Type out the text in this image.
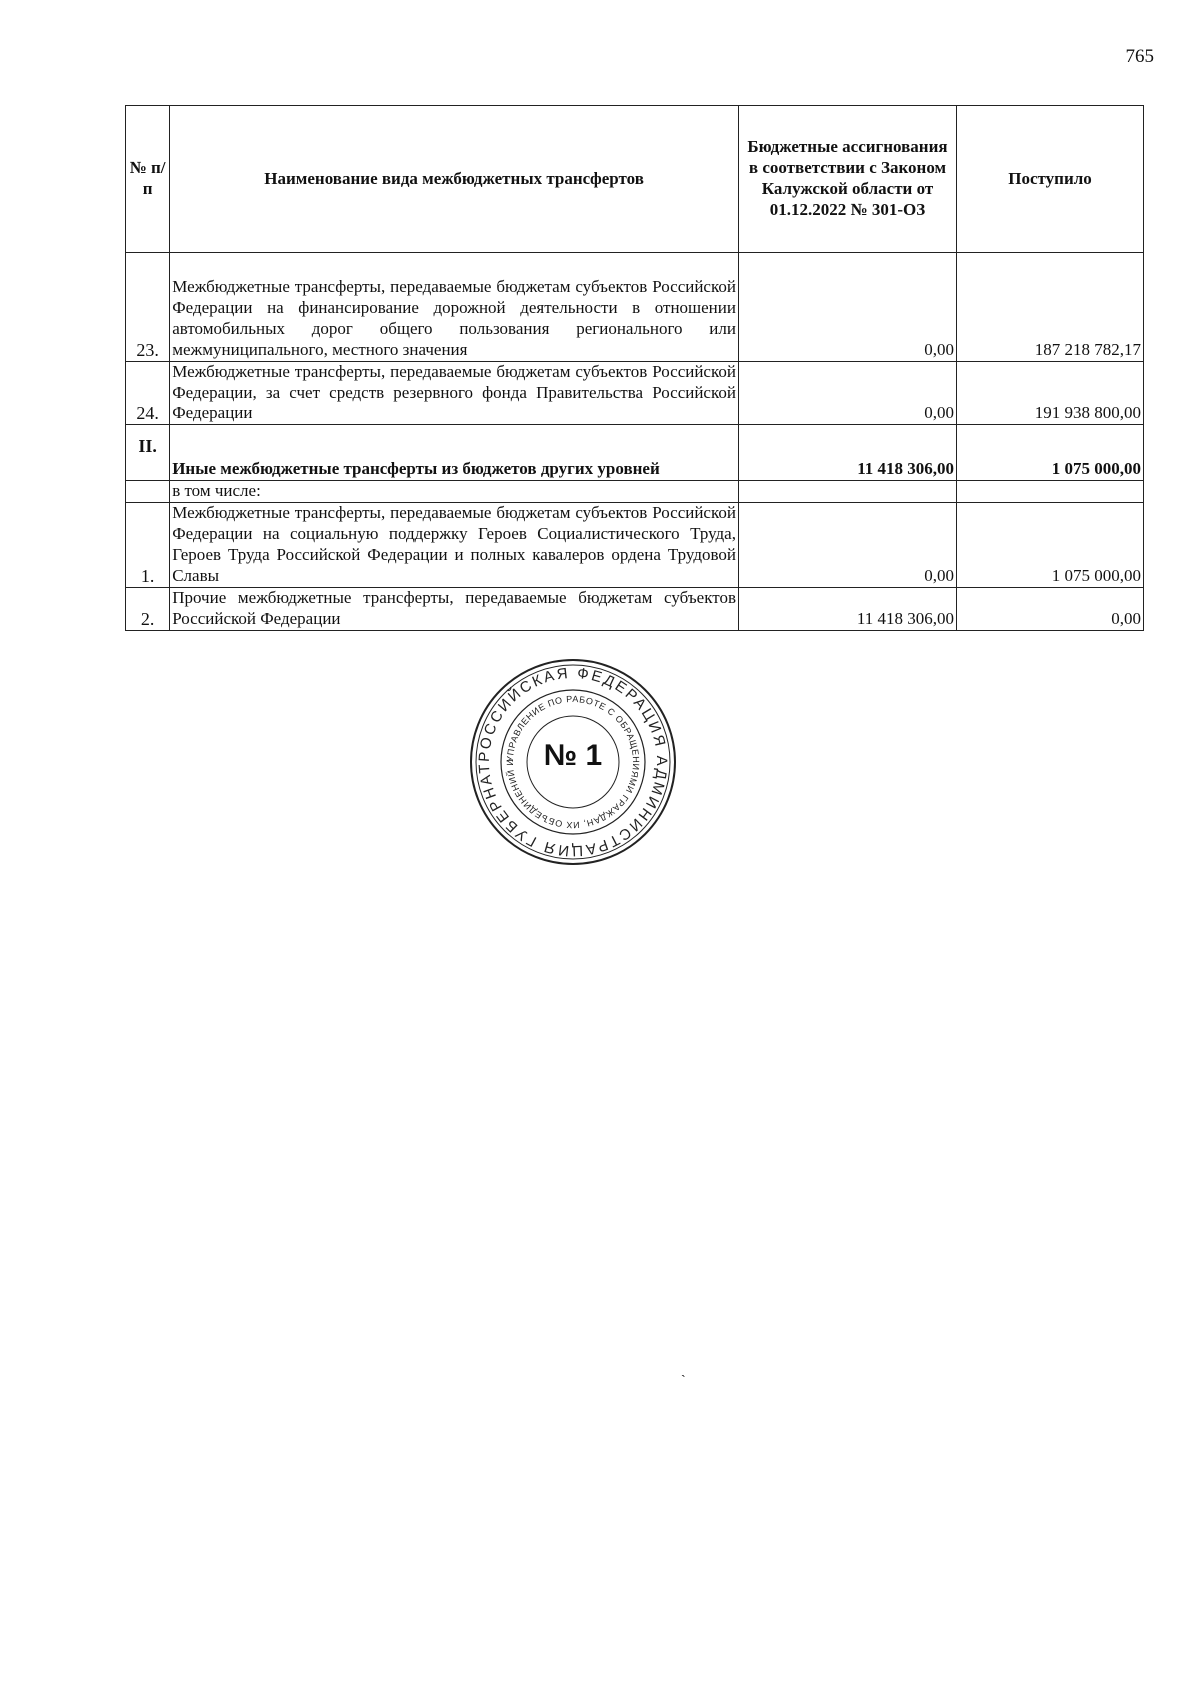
765
№ п/п	Наименование вида межбюджетных трансфертов	Бюджетные ассигнования в соответствии с Законом Калужской области от 01.12.2022 № 301-ОЗ	Поступило
23.	Межбюджетные трансферты, передаваемые бюджетам субъектов Российской Федерации на финансирование дорожной деятельности в отношении автомобильных дорог общего пользования регионального или межмуниципального, местного значения	0,00	187 218 782,17
24.	Межбюджетные трансферты, передаваемые бюджетам субъектов Российской Федерации, за счет средств резервного фонда Правительства Российской Федерации	0,00	191 938 800,00
II.	Иные межбюджетные трансферты из бюджетов других уровней	11 418 306,00	1 075 000,00
	в том числе:		
1.	Межбюджетные трансферты, передаваемые бюджетам субъектов Российской Федерации на социальную поддержку Героев Социалистического Труда, Героев Труда Российской Федерации и полных кавалеров ордена Трудовой Славы	0,00	1 075 000,00
2.	Прочие межбюджетные трансферты, передаваемые бюджетам субъектов Российской Федерации	11 418 306,00	0,00
РОССИЙСКАЯ ФЕДЕРАЦИЯ АДМИНИСТРАЦИЯ ГУБЕРНАТ
УПРАВЛЕНИЕ ПО РАБОТЕ С ОБРАЩЕНИЯМИ ГРАЖДАН, ИХ ОБЪЕДИНЕНИЙ И № 1
ˎ
